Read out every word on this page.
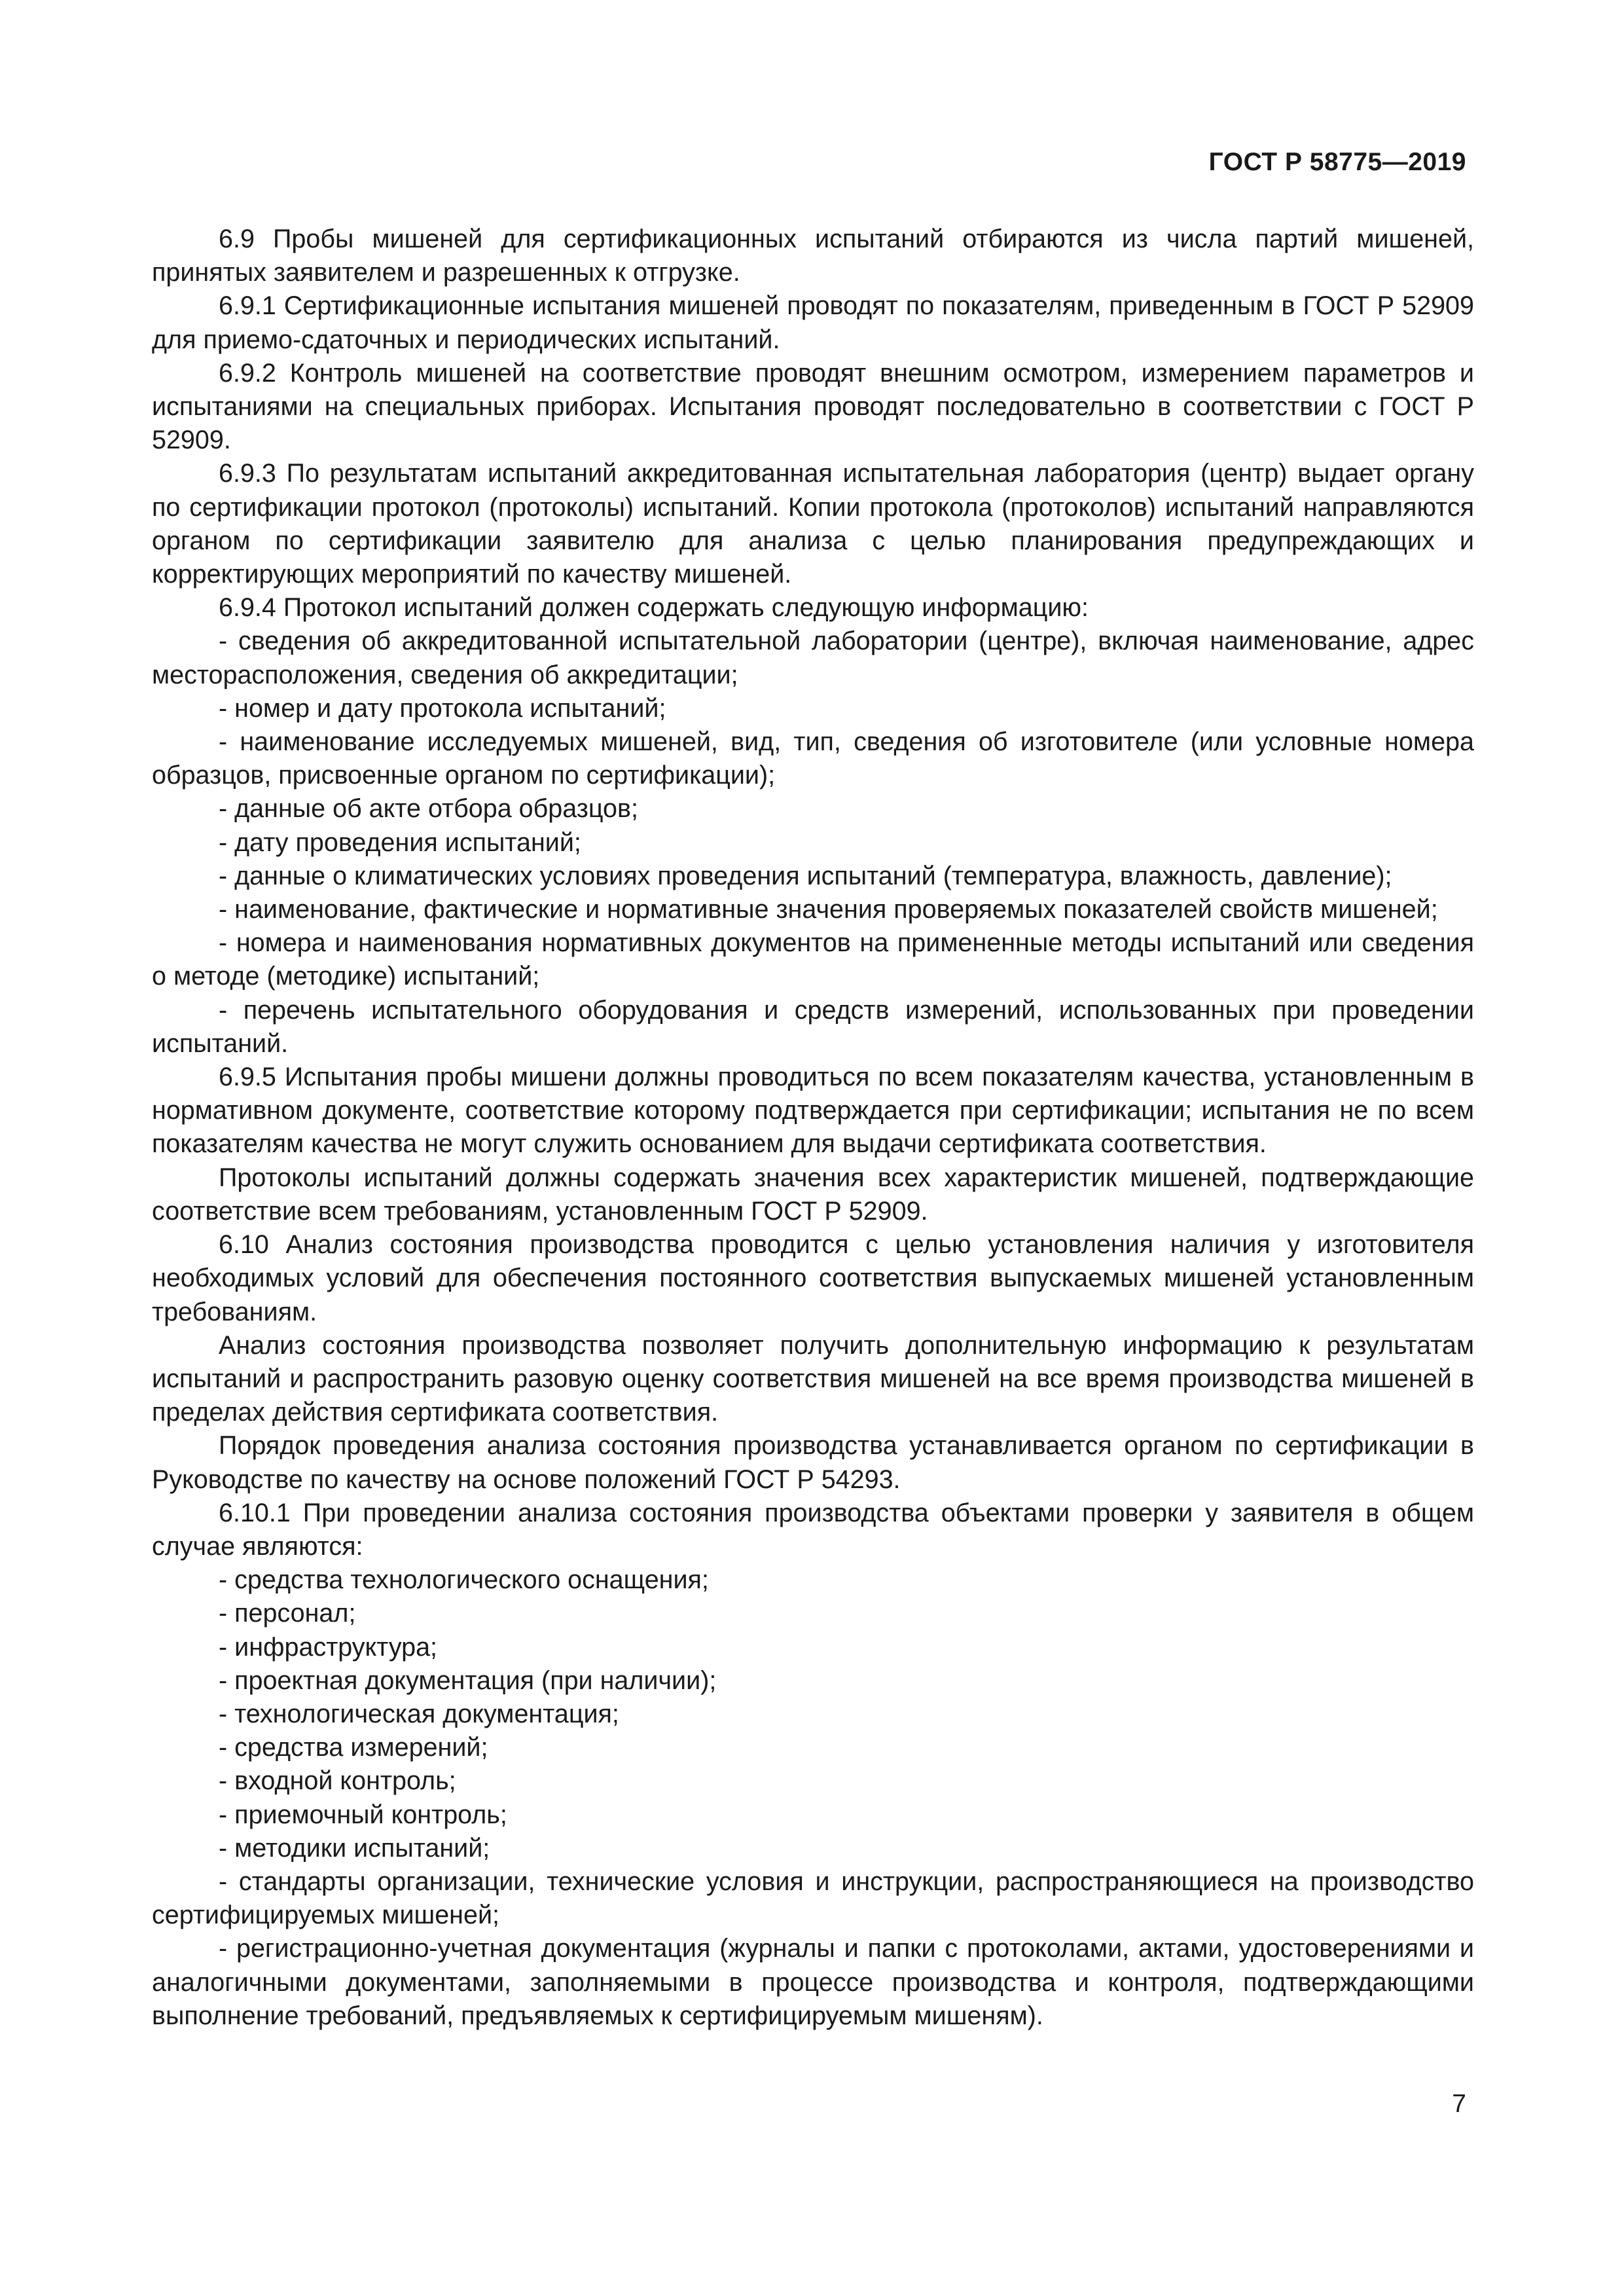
ГОСТ Р 58775—2019

6.9 Пробы мишеней для сертификационных испытаний отбираются из числа партий мишеней, принятых заявителем и разрешенных к отгрузке.

6.9.1 Сертификационные испытания мишеней проводят по показателям, приведенным в ГОСТ Р 52909 для приемо-сдаточных и периодических испытаний.

6.9.2 Контроль мишеней на соответствие проводят внешним осмотром, измерением параметров и испытаниями на специальных приборах. Испытания проводят последовательно в соответствии с ГОСТ Р 52909.

6.9.3 По результатам испытаний аккредитованная испытательная лаборатория (центр) выдает органу по сертификации протокол (протоколы) испытаний. Копии протокола (протоколов) испытаний направляются органом по сертификации заявителю для анализа с целью планирования предупреждающих и корректирующих мероприятий по качеству мишеней.

6.9.4 Протокол испытаний должен содержать следующую информацию:

- сведения об аккредитованной испытательной лаборатории (центре), включая наименование, адрес месторасположения, сведения об аккредитации;

- номер и дату протокола испытаний;

- наименование исследуемых мишеней, вид, тип, сведения об изготовителе (или условные номера образцов, присвоенные органом по сертификации);

- данные об акте отбора образцов;

- дату проведения испытаний;

- данные о климатических условиях проведения испытаний (температура, влажность, давление);

- наименование, фактические и нормативные значения проверяемых показателей свойств мишеней;

- номера и наименования нормативных документов на примененные методы испытаний или сведения о методе (методике) испытаний;

- перечень испытательного оборудования и средств измерений, использованных при проведении испытаний.

6.9.5 Испытания пробы мишени должны проводиться по всем показателям качества, установленным в нормативном документе, соответствие которому подтверждается при сертификации; испытания не по всем показателям качества не могут служить основанием для выдачи сертификата соответствия.

Протоколы испытаний должны содержать значения всех характеристик мишеней, подтверждающие соответствие всем требованиям, установленным ГОСТ Р 52909.

6.10 Анализ состояния производства проводится с целью установления наличия у изготовителя необходимых условий для обеспечения постоянного соответствия выпускаемых мишеней установленным требованиям.

Анализ состояния производства позволяет получить дополнительную информацию к результатам испытаний и распространить разовую оценку соответствия мишеней на все время производства мишеней в пределах действия сертификата соответствия.

Порядок проведения анализа состояния производства устанавливается органом по сертификации в Руководстве по качеству на основе положений ГОСТ Р 54293.

6.10.1 При проведении анализа состояния производства объектами проверки у заявителя в общем случае являются:

- средства технологического оснащения;

- персонал;

- инфраструктура;

- проектная документация (при наличии);

- технологическая документация;

- средства измерений;

- входной контроль;

- приемочный контроль;

- методики испытаний;

- стандарты организации, технические условия и инструкции, распространяющиеся на производство сертифицируемых мишеней;

- регистрационно-учетная документация (журналы и папки с протоколами, актами, удостоверениями и аналогичными документами, заполняемыми в процессе производства и контроля, подтверждающими выполнение требований, предъявляемых к сертифицируемым мишеням).

7
